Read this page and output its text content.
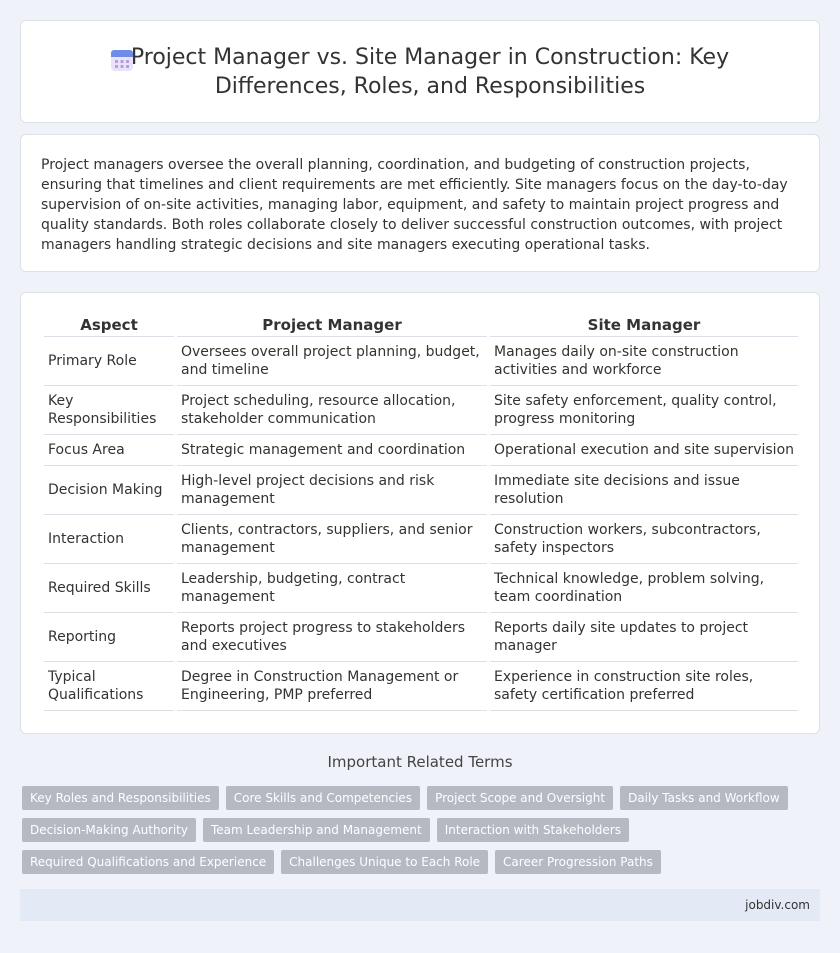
Project Manager vs. Site Manager in Construction: Key Differences, Roles, and Responsibilities

Project managers oversee the overall planning, coordination, and budgeting of construction projects, ensuring that timelines and client requirements are met efficiently. Site managers focus on the day-to-day supervision of on-site activities, managing labor, equipment, and safety to maintain project progress and quality standards. Both roles collaborate closely to deliver successful construction outcomes, with project managers handling strategic decisions and site managers executing operational tasks.

Aspect	Project Manager	Site Manager
Primary Role	Oversees overall project planning, budget, and timeline	Manages daily on-site construction activities and workforce
Key Responsibilities	Project scheduling, resource allocation, stakeholder communication	Site safety enforcement, quality control, progress monitoring
Focus Area	Strategic management and coordination	Operational execution and site supervision
Decision Making	High-level project decisions and risk management	Immediate site decisions and issue resolution
Interaction	Clients, contractors, suppliers, and senior management	Construction workers, subcontractors, safety inspectors
Required Skills	Leadership, budgeting, contract management	Technical knowledge, problem solving, team coordination
Reporting	Reports project progress to stakeholders and executives	Reports daily site updates to project manager
Typical Qualifications	Degree in Construction Management or Engineering, PMP preferred	Experience in construction site roles, safety certification preferred
Important Related Terms
Key Roles and Responsibilities	Core Skills and Competencies	Project Scope and Oversight	Daily Tasks and Workflow
Decision-Making Authority	Team Leadership and Management	Interaction with Stakeholders
Required Qualifications and Experience	Challenges Unique to Each Role	Career Progression Paths
jobdiv.com
